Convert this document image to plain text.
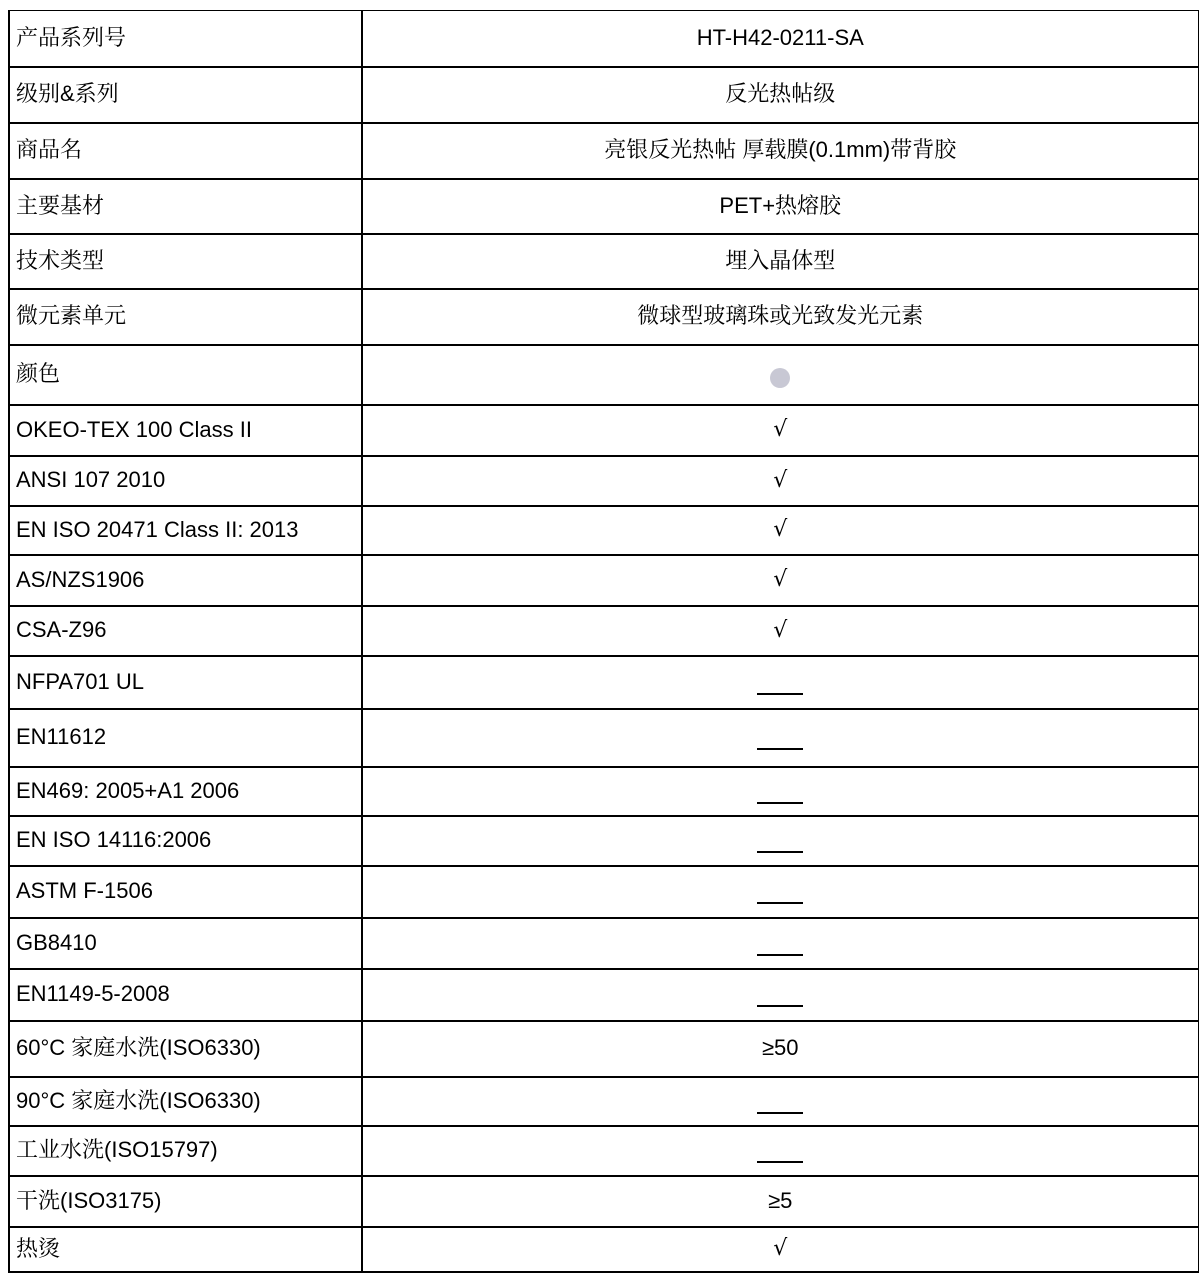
产品系列号	HT-H42-0211-SA
级别&系列	反光热帖级
商品名	亮银反光热帖 厚载膜(0.1mm)带背胶
主要基材	PET+热熔胶
技术类型	埋入晶体型
微元素单元	微球型玻璃珠或光致发光元素
颜色	
OKEO-TEX 100 Class II	√
ANSI 107 2010	√
EN ISO 20471 Class II: 2013	√
AS/NZS1906	√
CSA-Z96	√
NFPA701 UL	
EN11612	
EN469: 2005+A1 2006	
EN ISO 14116:2006	
ASTM F-1506	
GB8410	
EN1149-5-2008	
60°C 家庭水洗(ISO6330)	≥50
90°C 家庭水洗(ISO6330)	
工业水洗(ISO15797)	
干洗(ISO3175)	≥5
热烫	√
